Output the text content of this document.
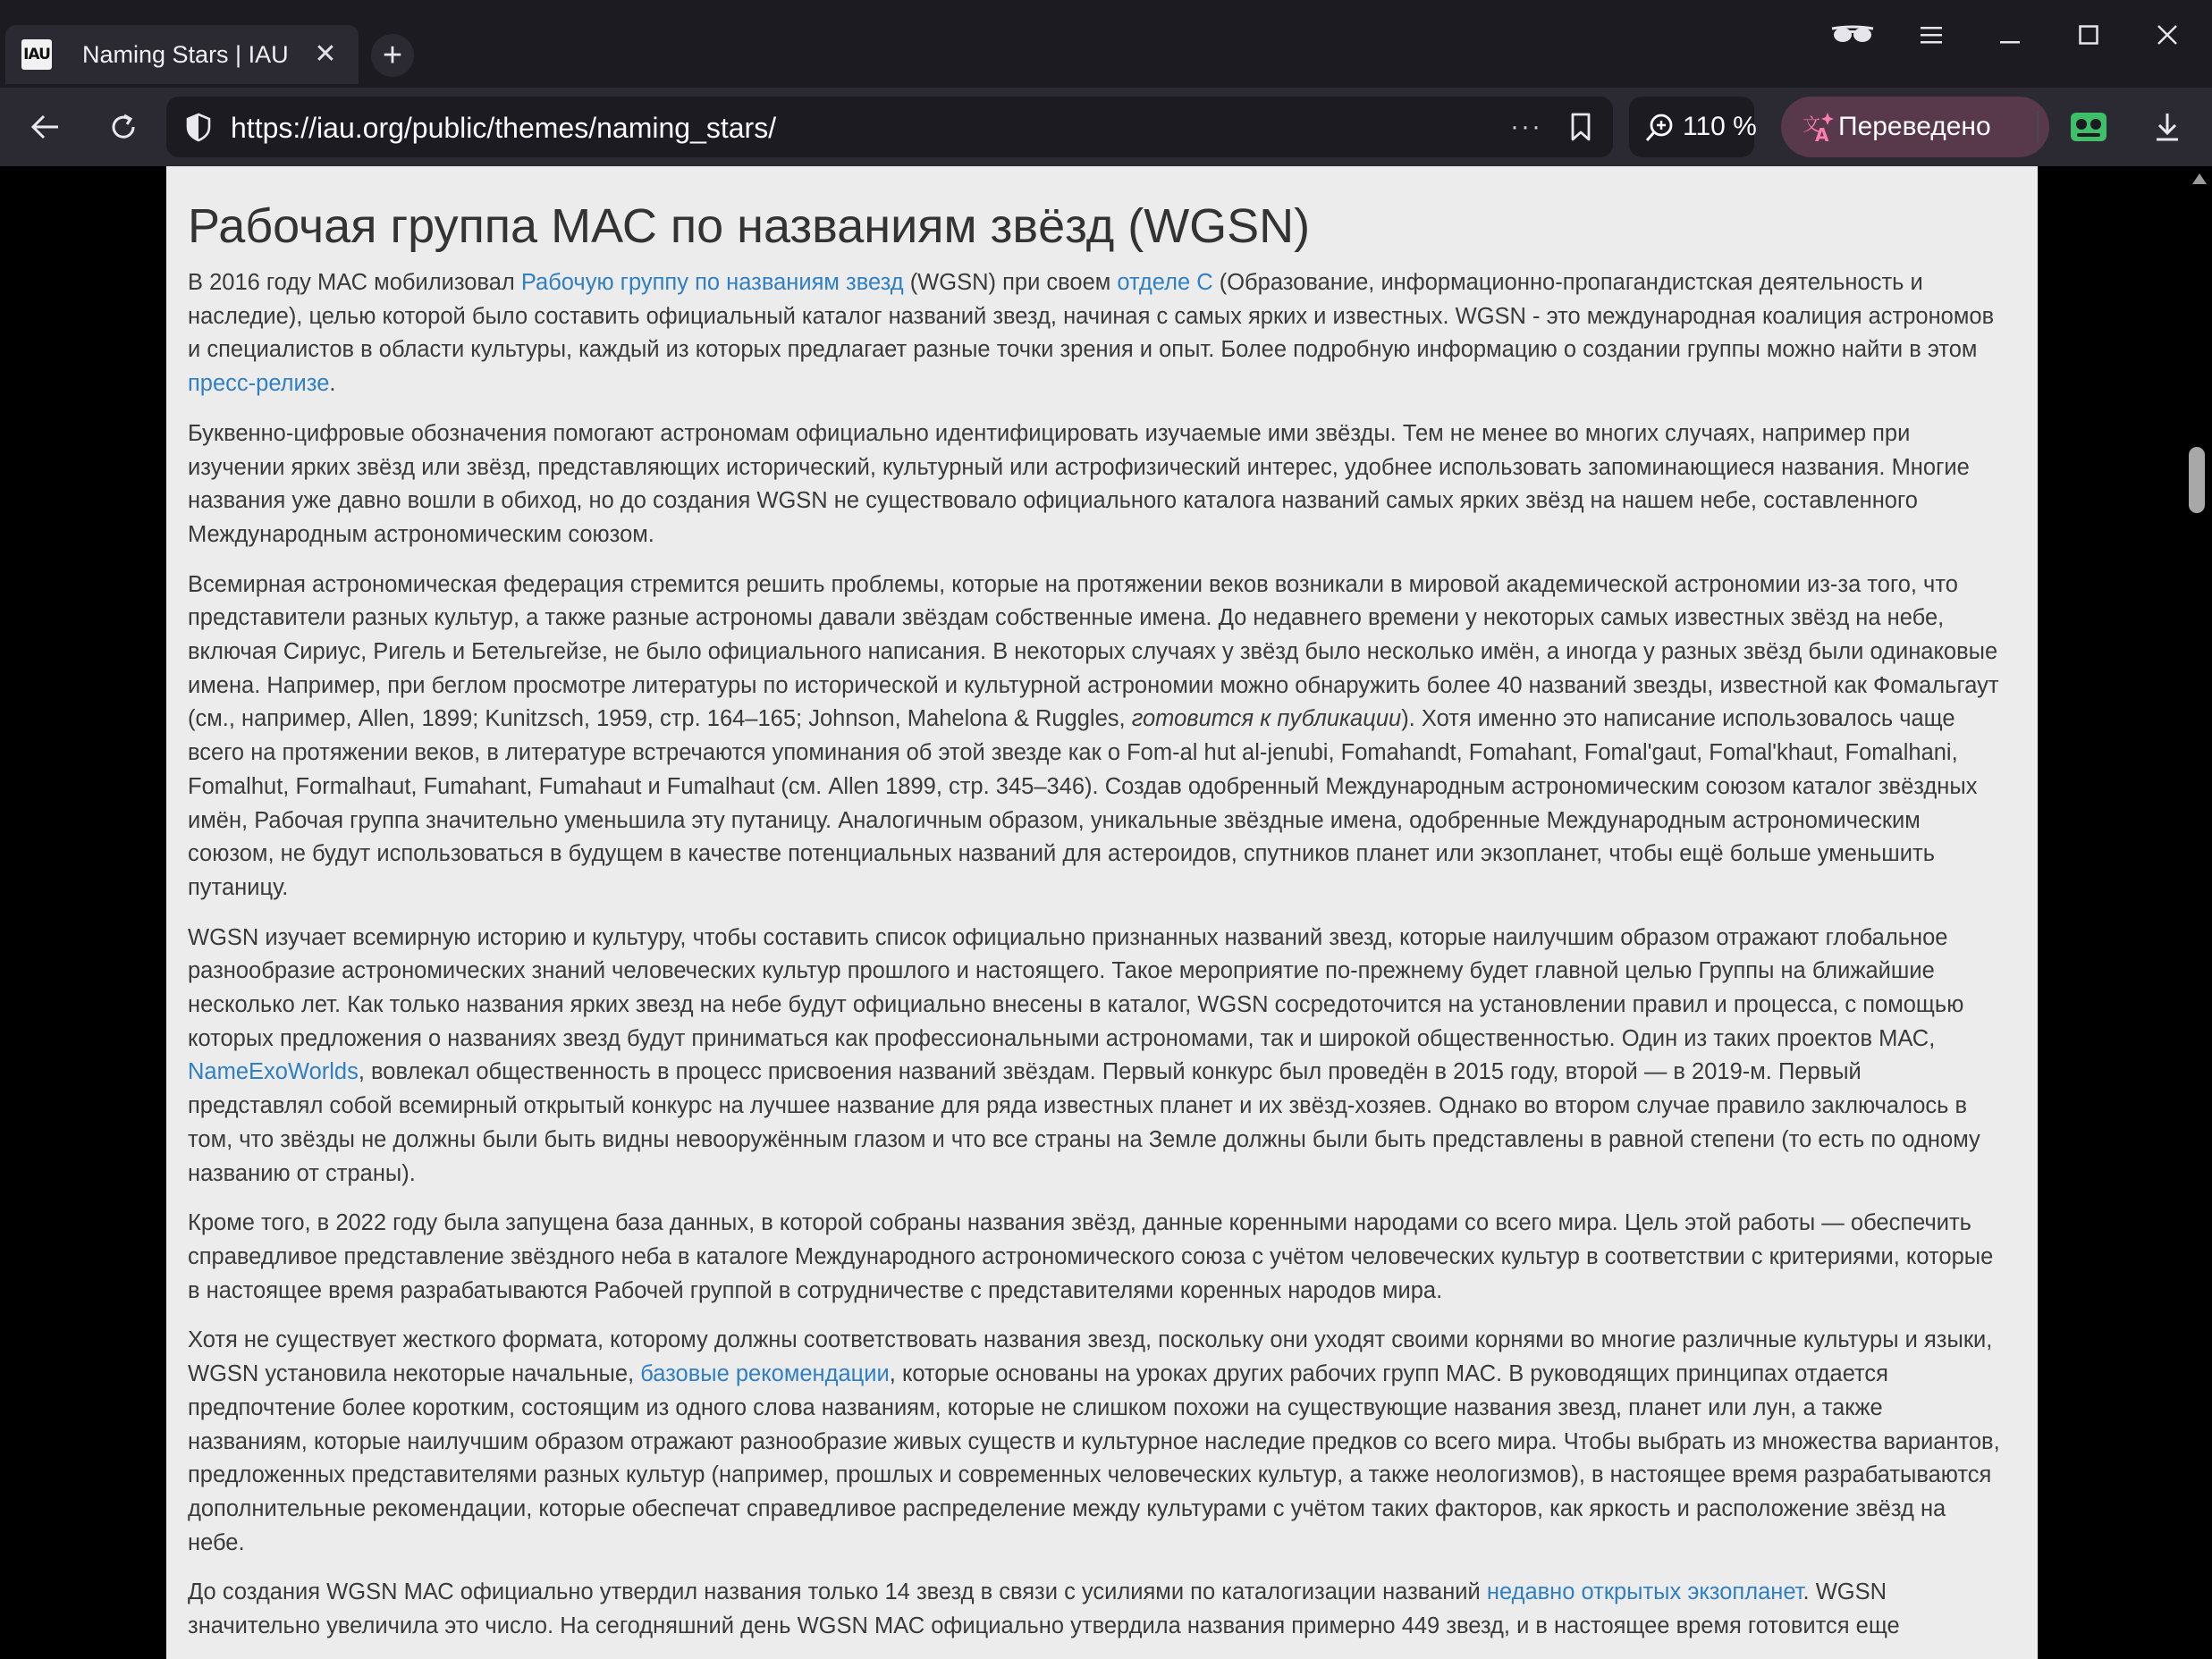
IAU Naming Stars | IAU ✕	+
https://iau.org/public/themes/naming_stars/	···	110 %	文
A Переведено
Рабочая группа МАС по названиям звёзд (WGSN)

В 2016 году МАС мобилизовал Рабочую группу по названиям звезд (WGSN) при своем отделе C (Образование, информационно-пропагандистская деятельность и наследие), целью которой было составить официальный каталог названий звезд, начиная с самых ярких и известных. WGSN - это международная коалиция астрономов и специалистов в области культуры, каждый из которых предлагает разные точки зрения и опыт. Более подробную информацию о создании группы можно найти в этом пресс-релизе.

Буквенно-цифровые обозначения помогают астрономам официально идентифицировать изучаемые ими звёзды. Тем не менее во многих случаях, например при изучении ярких звёзд или звёзд, представляющих исторический, культурный или астрофизический интерес, удобнее использовать запоминающиеся названия. Многие названия уже давно вошли в обиход, но до создания WGSN не существовало официального каталога названий самых ярких звёзд на нашем небе, составленного Международным астрономическим союзом.

Всемирная астрономическая федерация стремится решить проблемы, которые на протяжении веков возникали в мировой академической астрономии из-за того, что представители разных культур, а также разные астрономы давали звёздам собственные имена. До недавнего времени у некоторых самых известных звёзд на небе, включая Сириус, Ригель и Бетельгейзе, не было официального написания. В некоторых случаях у звёзд было несколько имён, а иногда у разных звёзд были одинаковые имена. Например, при беглом просмотре литературы по исторической и культурной астрономии можно обнаружить более 40 названий звезды, известной как Фомальгаут (см., например, Allen, 1899; Kunitzsch, 1959, стр. 164–165; Johnson, Mahelona & Ruggles, готовится к публикации). Хотя именно это написание использовалось чаще всего на протяжении веков, в литературе встречаются упоминания об этой звезде как о Fom-al hut al-jenubi, Fomahandt, Fomahant, Fomal'gaut, Fomal'khaut, Fomalhani, Fomalhut, Formalhaut, Fumahant, Fumahaut и Fumalhaut (см. Allen 1899, стр. 345–346). Создав одобренный Международным астрономическим союзом каталог звёздных имён, Рабочая группа значительно уменьшила эту путаницу. Аналогичным образом, уникальные звёздные имена, одобренные Международным астрономическим союзом, не будут использоваться в будущем в качестве потенциальных названий для астероидов, спутников планет или экзопланет, чтобы ещё больше уменьшить путаницу.

WGSN изучает всемирную историю и культуру, чтобы составить список официально признанных названий звезд, которые наилучшим образом отражают глобальное разнообразие астрономических знаний человеческих культур прошлого и настоящего. Такое мероприятие по-прежнему будет главной целью Группы на ближайшие несколько лет. Как только названия ярких звезд на небе будут официально внесены в каталог, WGSN сосредоточится на установлении правил и процесса, с помощью которых предложения о названиях звезд будут приниматься как профессиональными астрономами, так и широкой общественностью. Один из таких проектов МАС, NameExoWorlds, вовлекал общественность в процесс присвоения названий звёздам. Первый конкурс был проведён в 2015 году, второй — в 2019-м. Первый представлял собой всемирный открытый конкурс на лучшее название для ряда известных планет и их звёзд-хозяев. Однако во втором случае правило заключалось в том, что звёзды не должны были быть видны невооружённым глазом и что все страны на Земле должны были быть представлены в равной степени (то есть по одному названию от страны).

Кроме того, в 2022 году была запущена база данных, в которой собраны названия звёзд, данные коренными народами со всего мира. Цель этой работы — обеспечить справедливое представление звёздного неба в каталоге Международного астрономического союза с учётом человеческих культур в соответствии с критериями, которые в настоящее время разрабатываются Рабочей группой в сотрудничестве с представителями коренных народов мира.

Хотя не существует жесткого формата, которому должны соответствовать названия звезд, поскольку они уходят своими корнями во многие различные культуры и языки, WGSN установила некоторые начальные, базовые рекомендации, которые основаны на уроках других рабочих групп МАС. В руководящих принципах отдается предпочтение более коротким, состоящим из одного слова названиям, которые не слишком похожи на существующие названия звезд, планет или лун, а также названиям, которые наилучшим образом отражают разнообразие живых существ и культурное наследие предков со всего мира. Чтобы выбрать из множества вариантов, предложенных представителями разных культур (например, прошлых и современных человеческих культур, а также неологизмов), в настоящее время разрабатываются дополнительные рекомендации, которые обеспечат справедливое распределение между культурами с учётом таких факторов, как яркость и расположение звёзд на небе.

До создания WGSN МАС официально утвердил названия только 14 звезд в связи с усилиями по каталогизации названий недавно открытых экзопланет. WGSN значительно увеличила это число. На сегодняшний день WGSN МАС официально утвердила названия примерно 449 звезд, и в настоящее время готовится еще
